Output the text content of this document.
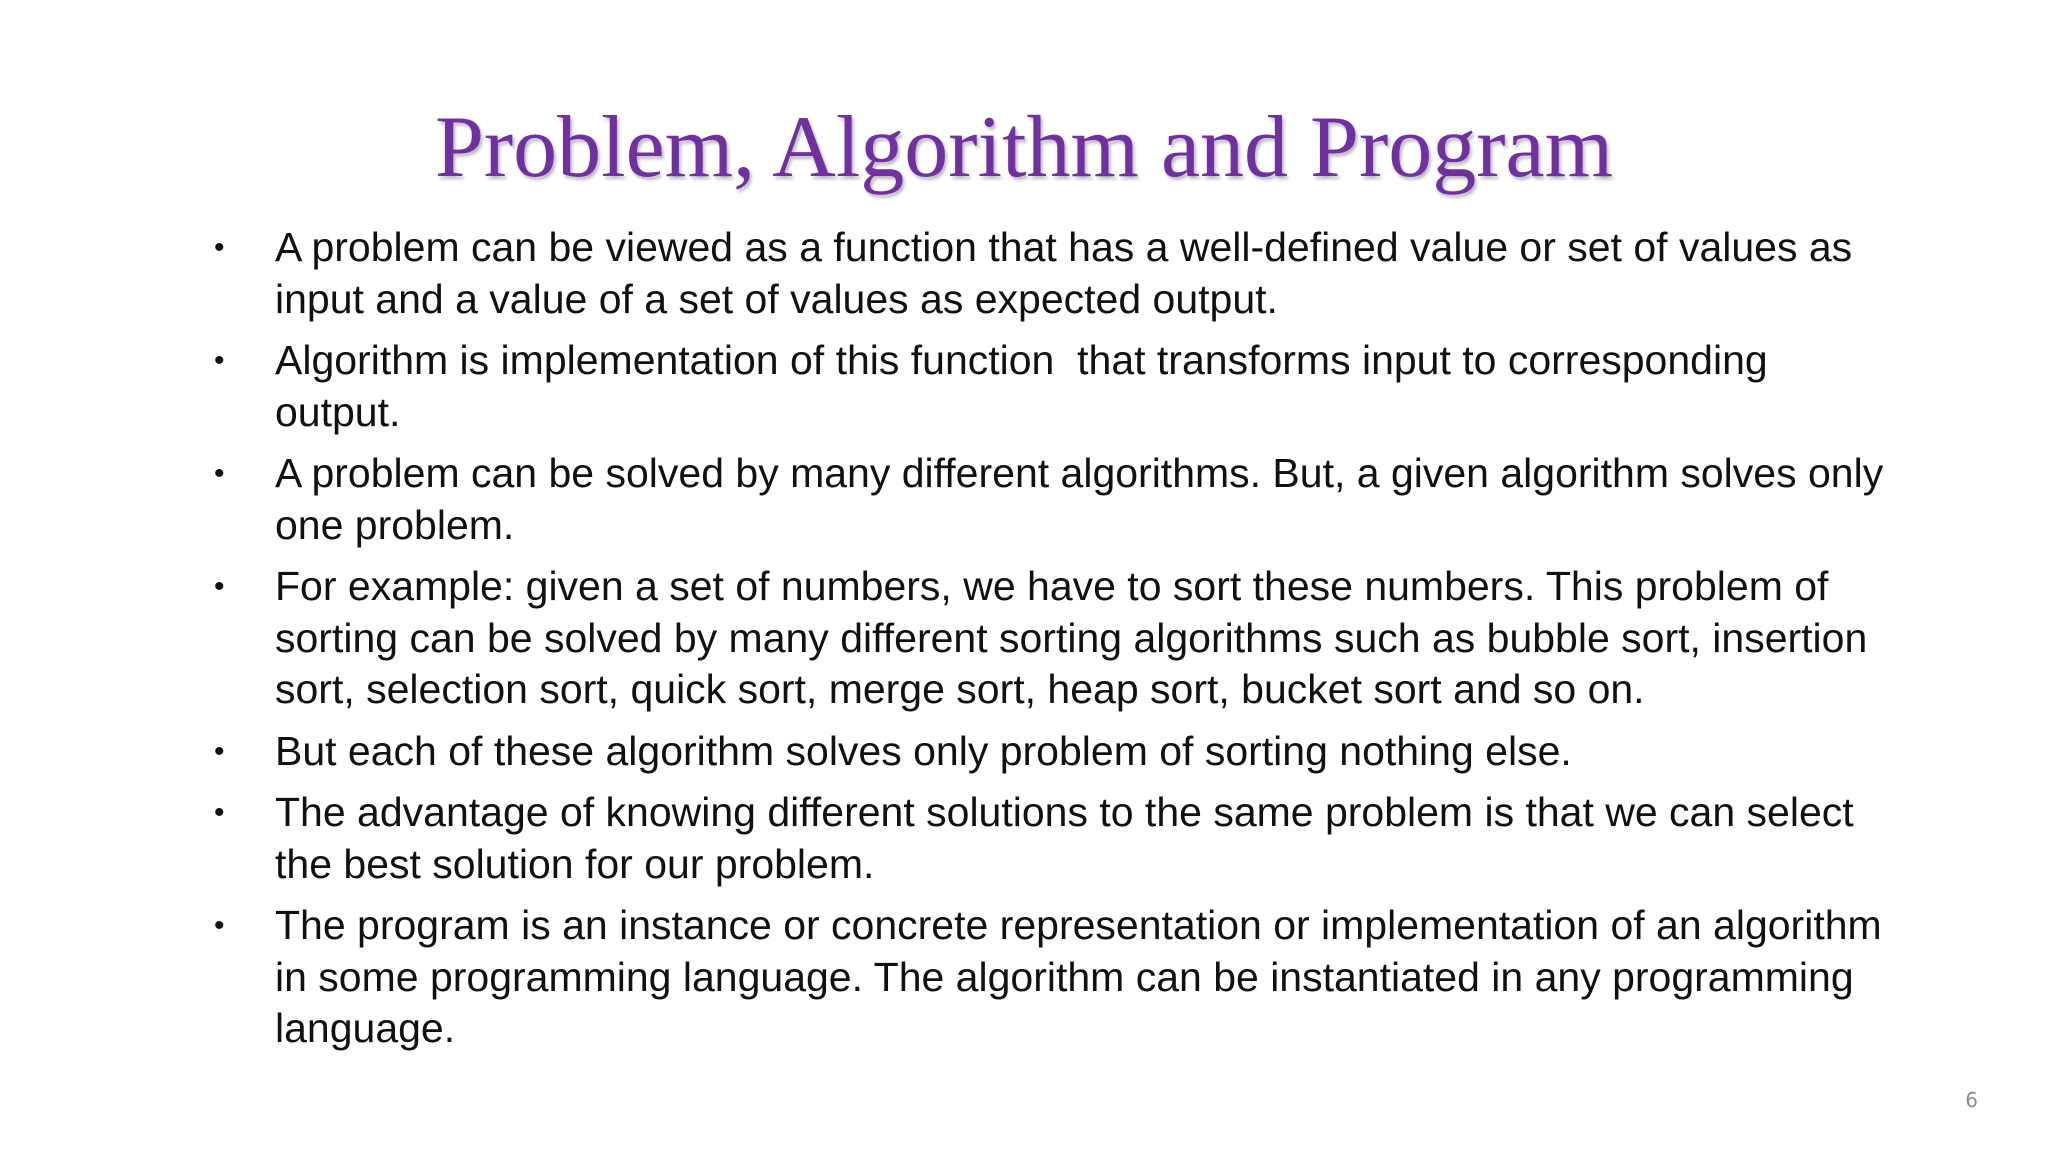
Problem, Algorithm and Program
• A problem can be viewed as a function that has a well-defined value or set of values as input and a value of a set of values as expected output.
• Algorithm is implementation of this function  that transforms input to corresponding output.
• A problem can be solved by many different algorithms. But, a given algorithm solves only one problem.
• For example: given a set of numbers, we have to sort these numbers. This problem of sorting can be solved by many different sorting algorithms such as bubble sort, insertion sort, selection sort, quick sort, merge sort, heap sort, bucket sort and so on.
• But each of these algorithm solves only problem of sorting nothing else.
• The advantage of knowing different solutions to the same problem is that we can select the best solution for our problem.
• The program is an instance or concrete representation or implementation of an algorithm in some programming language. The algorithm can be instantiated in any programming language.
6
